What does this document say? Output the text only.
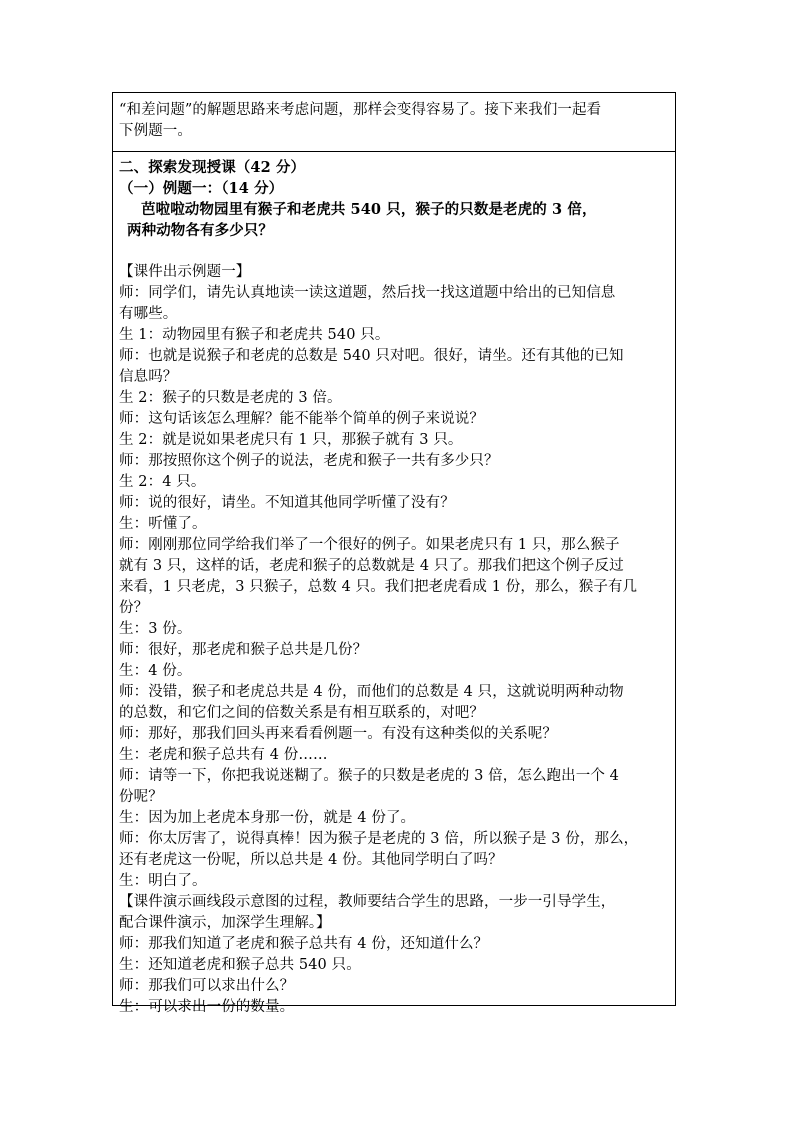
“和差问题”的解题思路来考虑问题，那样会变得容易了。接下来我们一起看
下例题一。
二、探索发现授课（42 分）
（一）例题一：（14 分）
芭啦啦动物园里有猴子和老虎共 540 只，猴子的只数是老虎的 3 倍，
两种动物各有多少只？
【课件出示例题一】
师：同学们，请先认真地读一读这道题，然后找一找这道题中给出的已知信息
有哪些。
生 1：动物园里有猴子和老虎共 540 只。
师：也就是说猴子和老虎的总数是 540 只对吧。很好，请坐。还有其他的已知
信息吗？
生 2：猴子的只数是老虎的 3 倍。
师：这句话该怎么理解？能不能举个简单的例子来说说？
生 2：就是说如果老虎只有 1 只，那猴子就有 3 只。
师：那按照你这个例子的说法，老虎和猴子一共有多少只？
生 2：4 只。
师：说的很好，请坐。不知道其他同学听懂了没有？
生：听懂了。
师：刚刚那位同学给我们举了一个很好的例子。如果老虎只有 1 只，那么猴子
就有 3 只，这样的话，老虎和猴子的总数就是 4 只了。那我们把这个例子反过
来看，1 只老虎，3 只猴子，总数 4 只。我们把老虎看成 1 份，那么，猴子有几
份？
生：3 份。
师：很好，那老虎和猴子总共是几份？
生：4 份。
师：没错，猴子和老虎总共是 4 份，而他们的总数是 4 只，这就说明两种动物
的总数，和它们之间的倍数关系是有相互联系的，对吧？
师：那好，那我们回头再来看看例题一。有没有这种类似的关系呢？
生：老虎和猴子总共有 4 份……
师：请等一下，你把我说迷糊了。猴子的只数是老虎的 3 倍，怎么跑出一个 4
份呢？
生：因为加上老虎本身那一份，就是 4 份了。
师：你太厉害了，说得真棒！因为猴子是老虎的 3 倍，所以猴子是 3 份，那么，
还有老虎这一份呢，所以总共是 4 份。其他同学明白了吗？
生：明白了。
【课件演示画线段示意图的过程，教师要结合学生的思路，一步一引导学生，
配合课件演示，加深学生理解。】
师：那我们知道了老虎和猴子总共有 4 份，还知道什么？
生：还知道老虎和猴子总共 540 只。
师：那我们可以求出什么？
生：可以求出一份的数量。
